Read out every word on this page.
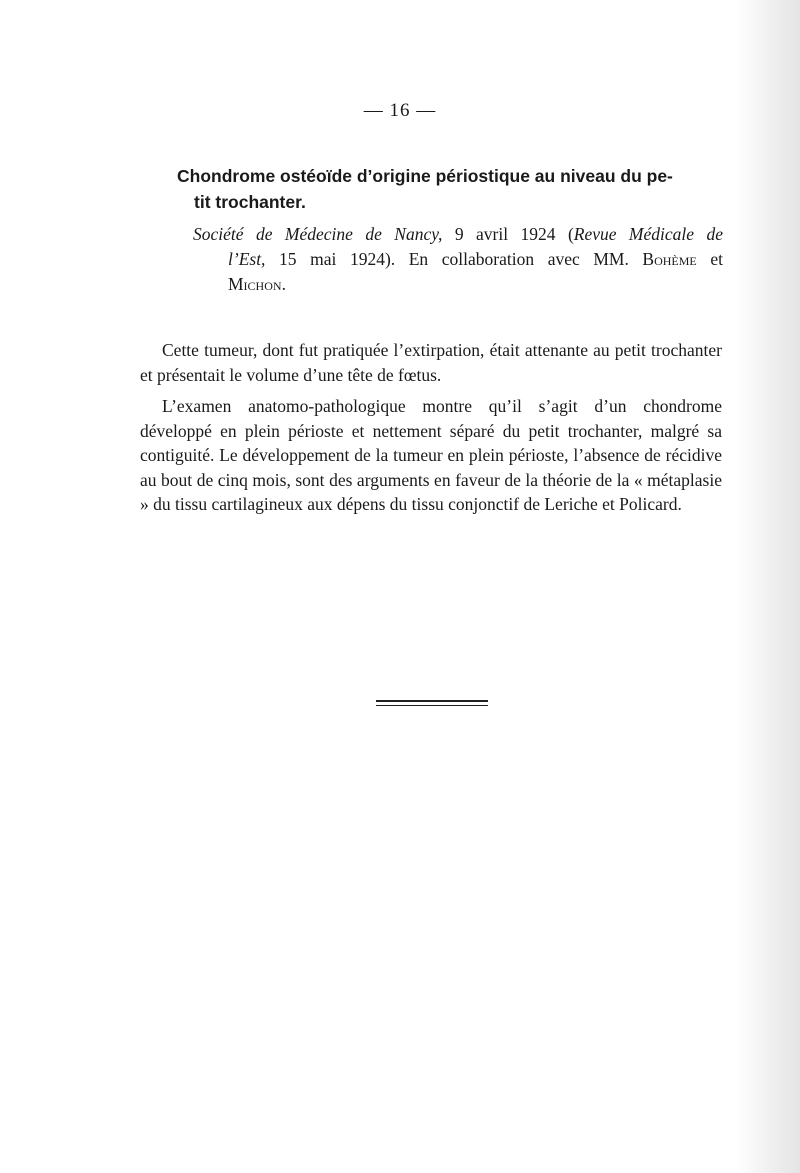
— 16 —
Chondrome ostéoïde d’origine périostique au niveau du pe-
tit trochanter.
Société de Médecine de Nancy, 9 avril 1924 (Revue Médicale de
l’Est, 15 mai 1924). En collaboration avec MM. Bohème et
Michon.

Cette tumeur, dont fut pratiquée l’extirpation, était attenante au petit trochanter et présentait le volume d’une tête de fœtus.

L’examen anatomo-pathologique montre qu’il s’agit d’un chondrome développé en plein périoste et nettement séparé du petit trochanter, malgré sa contiguité. Le développement de la tumeur en plein périoste, l’absence de récidive au bout de cinq mois, sont des arguments en faveur de la théorie de la « métaplasie » du tissu cartilagineux aux dépens du tissu conjonctif de Leriche et Policard.
